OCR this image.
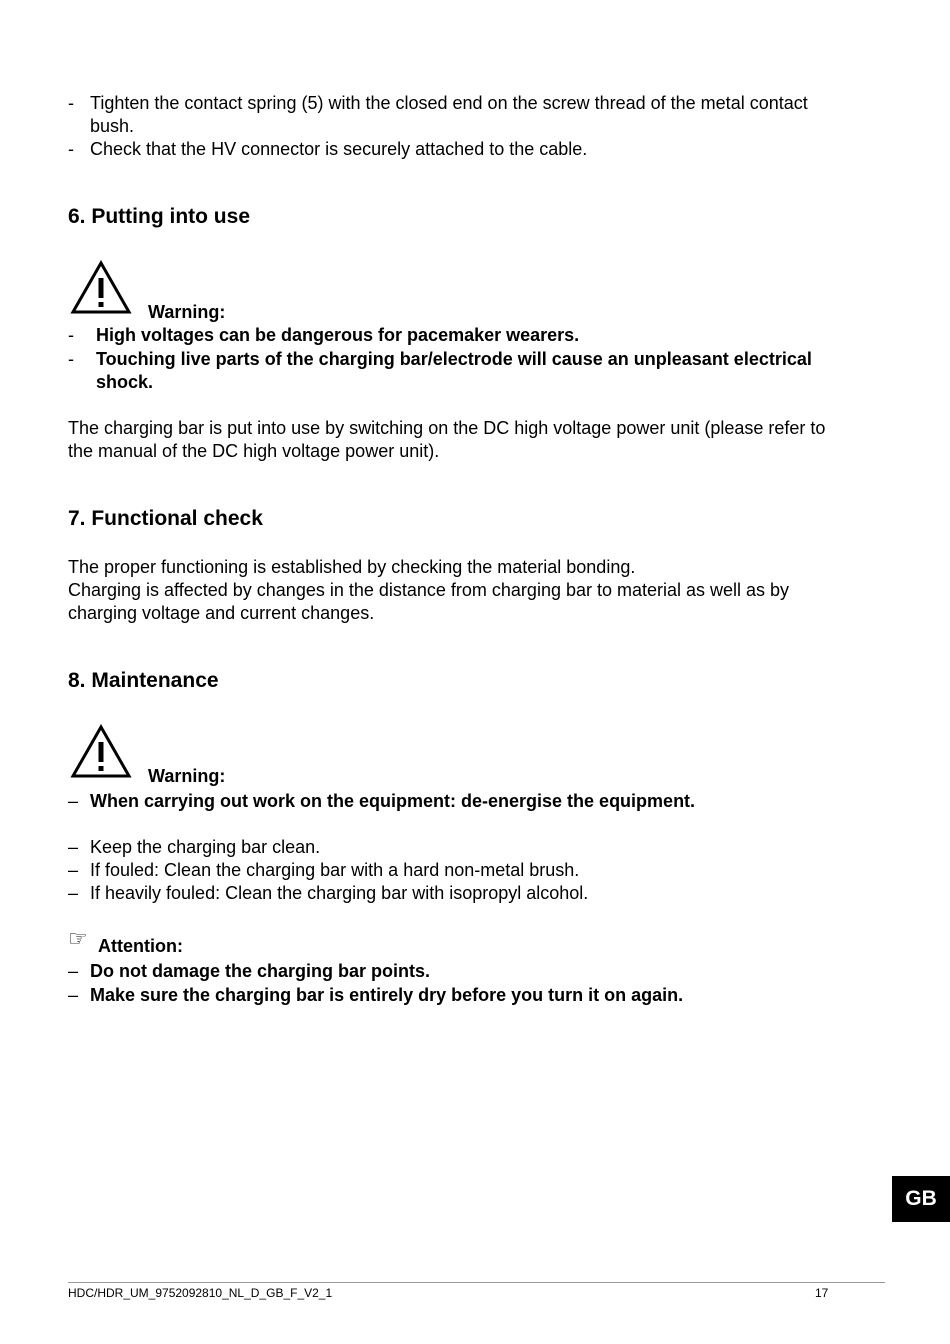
- Tighten the contact spring (5) with the closed end on the screw thread of the metal contact
bush.
- Check that the HV connector is securely attached to the cable.
6. Putting into use
Warning:
- High voltages can be dangerous for pacemaker wearers.
- Touching live parts of the charging bar/electrode will cause an unpleasant electrical
shock.
The charging bar is put into use by switching on the DC high voltage power unit (please refer to
the manual of the DC high voltage power unit).
7. Functional check
The proper functioning is established by checking the material bonding.
Charging is affected by changes in the distance from charging bar to material as well as by
charging voltage and current changes.
8. Maintenance
Warning:
– When carrying out work on the equipment: de-energise the equipment.
– Keep the charging bar clean.
– If fouled: Clean the charging bar with a hard non-metal brush.
– If heavily fouled: Clean the charging bar with isopropyl alcohol.
☞ Attention:
– Do not damage the charging bar points.
– Make sure the charging bar is entirely dry before you turn it on again.
GB
HDC/HDR_UM_9752092810_NL_D_GB_F_V2_1	17
